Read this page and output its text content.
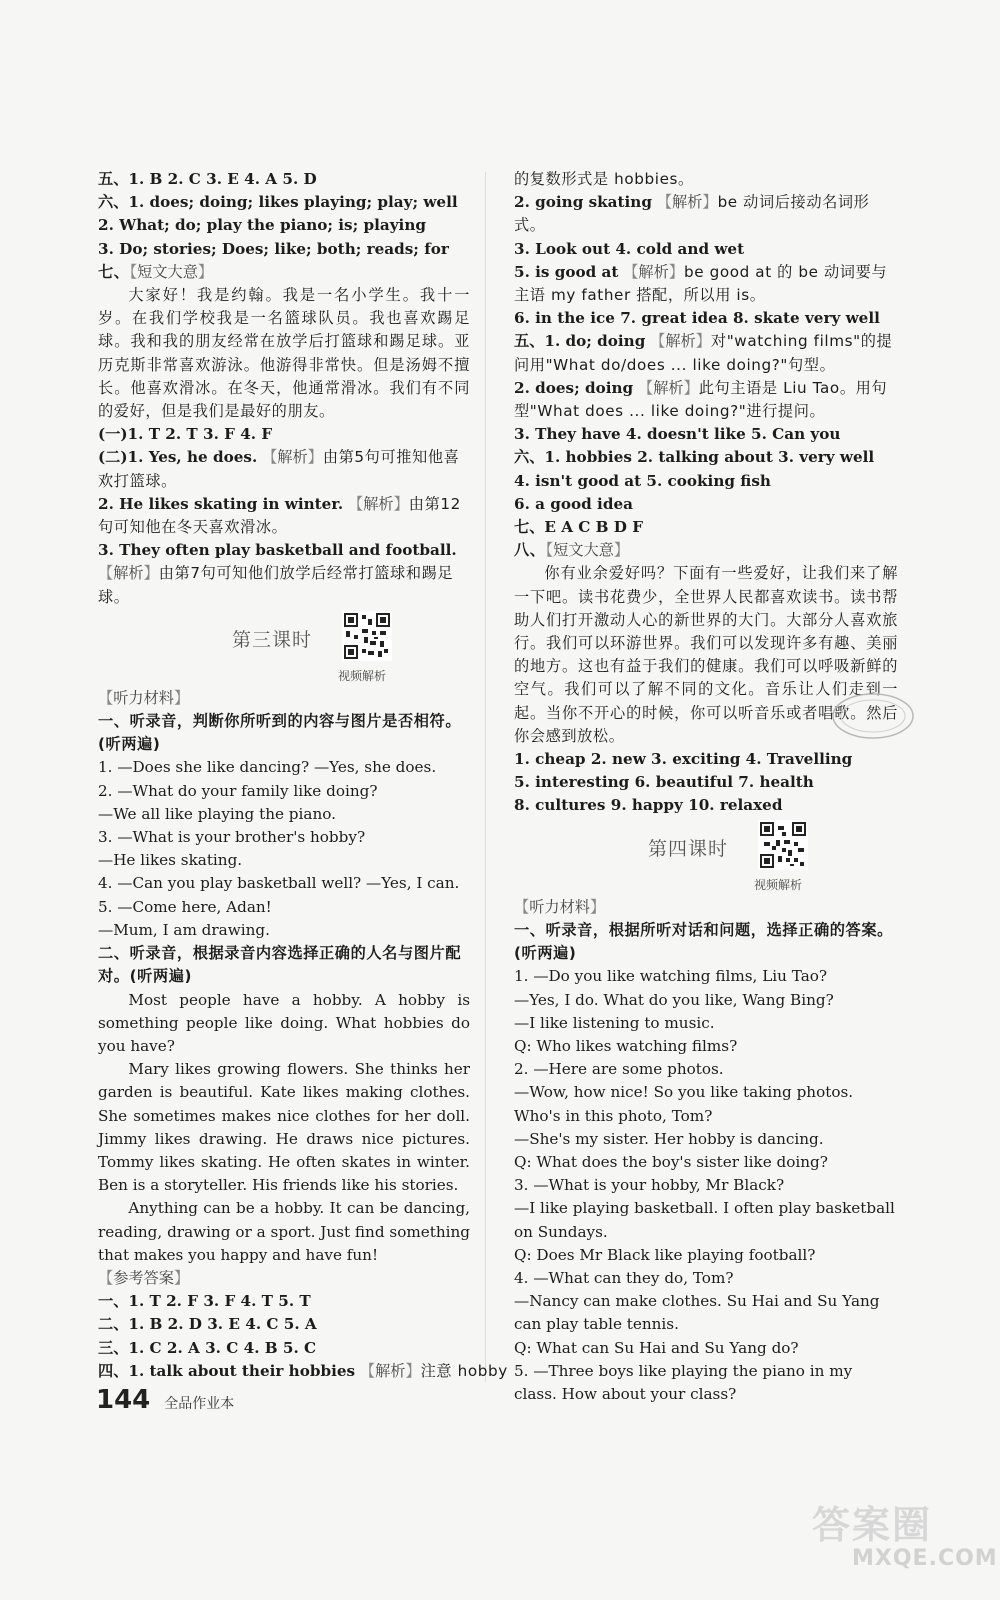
五、1. B 2. C 3. E 4. A 5. D
六、1. does; doing; likes playing; play; well
2. What; do; play the piano; is; playing
3. Do; stories; Does; like; both; reads; for
七、【短文大意】
大家好！我是约翰。我是一名小学生。我十一岁。在我们学校我是一名篮球队员。我也喜欢踢足球。我和我的朋友经常在放学后打篮球和踢足球。亚历克斯非常喜欢游泳。他游得非常快。但是汤姆不擅长。他喜欢滑冰。在冬天，他通常滑冰。我们有不同的爱好，但是我们是最好的朋友。
(一)1. T 2. T 3. F 4. F
(二)1. Yes, he does. 【解析】由第5句可推知他喜欢打篮球。
2. He likes skating in winter. 【解析】由第12句可知他在冬天喜欢滑冰。
3. They often play basketball and football.
【解析】由第7句可知他们放学后经常打篮球和踢足球。
第三课时
视频解析
【听力材料】
一、听录音，判断你所听到的内容与图片是否相符。(听两遍)
1. —Does she like dancing? —Yes, she does.
2. —What do your family like doing?
—We all like playing the piano.
3. —What is your brother's hobby?
—He likes skating.
4. —Can you play basketball well? —Yes, I can.
5. —Come here, Adan!
—Mum, I am drawing.
二、听录音，根据录音内容选择正确的人名与图片配对。(听两遍)
Most people have a hobby. A hobby is something people like doing. What hobbies do you have?
Mary likes growing flowers. She thinks her garden is beautiful. Kate likes making clothes. She sometimes makes nice clothes for her doll. Jimmy likes drawing. He draws nice pictures. Tommy likes skating. He often skates in winter. Ben is a storyteller. His friends like his stories.
Anything can be a hobby. It can be dancing, reading, drawing or a sport. Just find something that makes you happy and have fun!
【参考答案】
一、1. T 2. F 3. F 4. T 5. T
二、1. B 2. D 3. E 4. C 5. A
三、1. C 2. A 3. C 4. B 5. C
四、1. talk about their hobbies 【解析】注意 hobby
的复数形式是 hobbies。
2. going skating 【解析】be 动词后接动名词形式。
3. Look out 4. cold and wet
5. is good at 【解析】be good at 的 be 动词要与主语 my father 搭配，所以用 is。
6. in the ice 7. great idea 8. skate very well
五、1. do; doing 【解析】对"watching films"的提问用"What do/does ... like doing?"句型。
2. does; doing 【解析】此句主语是 Liu Tao。用句型"What does ... like doing?"进行提问。
3. They have 4. doesn't like 5. Can you
六、1. hobbies 2. talking about 3. very well
4. isn't good at 5. cooking fish
6. a good idea
七、E A C B D F
八、【短文大意】
你有业余爱好吗？下面有一些爱好，让我们来了解一下吧。读书花费少，全世界人民都喜欢读书。读书帮助人们打开激动人心的新世界的大门。大部分人喜欢旅行。我们可以环游世界。我们可以发现许多有趣、美丽的地方。这也有益于我们的健康。我们可以呼吸新鲜的空气。我们可以了解不同的文化。音乐让人们走到一起。当你不开心的时候，你可以听音乐或者唱歌。然后你会感到放松。
1. cheap 2. new 3. exciting 4. Travelling
5. interesting 6. beautiful 7. health
8. cultures 9. happy 10. relaxed
第四课时
视频解析
【听力材料】
一、听录音，根据所听对话和问题，选择正确的答案。(听两遍)
1. —Do you like watching films, Liu Tao?
—Yes, I do. What do you like, Wang Bing?
—I like listening to music.
Q: Who likes watching films?
2. —Here are some photos.
—Wow, how nice! So you like taking photos. Who's in this photo, Tom?
—She's my sister. Her hobby is dancing.
Q: What does the boy's sister like doing?
3. —What is your hobby, Mr Black?
—I like playing basketball. I often play basketball on Sundays.
Q: Does Mr Black like playing football?
4. —What can they do, Tom?
—Nancy can make clothes. Su Hai and Su Yang can play table tennis.
Q: What can Su Hai and Su Yang do?
5. —Three boys like playing the piano in my class. How about your class?
144 全品作业本
答案圈
MXQE.COM
